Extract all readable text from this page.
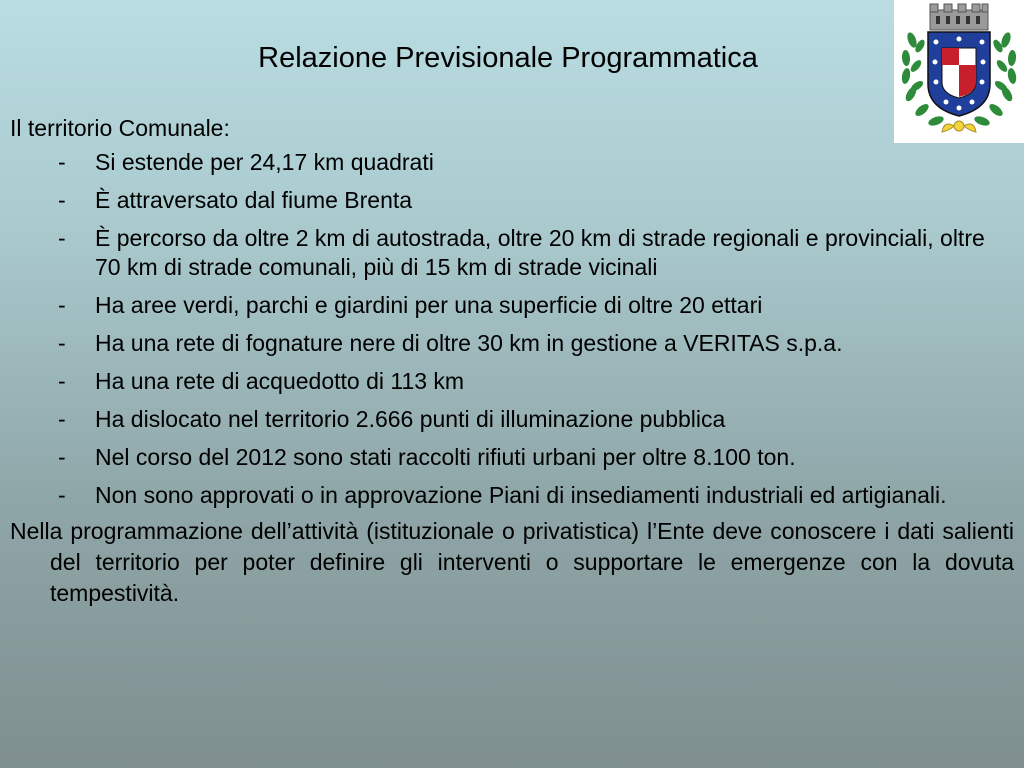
Relazione Previsionale Programmatica

Il territorio Comunale:

- Si estende per 24,17 km quadrati
- È attraversato dal fiume Brenta
- È percorso da oltre 2 km di autostrada, oltre 20 km di strade regionali e provinciali, oltre 70 km di strade comunali, più di 15 km di strade vicinali
- Ha aree verdi, parchi e giardini per una superficie di oltre 20 ettari
- Ha una rete di fognature nere di oltre 30 km in gestione a VERITAS s.p.a.
- Ha una rete di acquedotto di 113 km
- Ha dislocato nel territorio 2.666 punti di illuminazione pubblica
- Nel corso del 2012 sono stati raccolti rifiuti urbani per oltre 8.100 ton.
- Non sono approvati o in approvazione Piani di insediamenti industriali ed artigianali.

Nella programmazione dell’attività (istituzionale o privatistica) l’Ente deve conoscere i dati salienti del territorio per poter definire gli interventi o supportare le emergenze con la dovuta tempestività.
